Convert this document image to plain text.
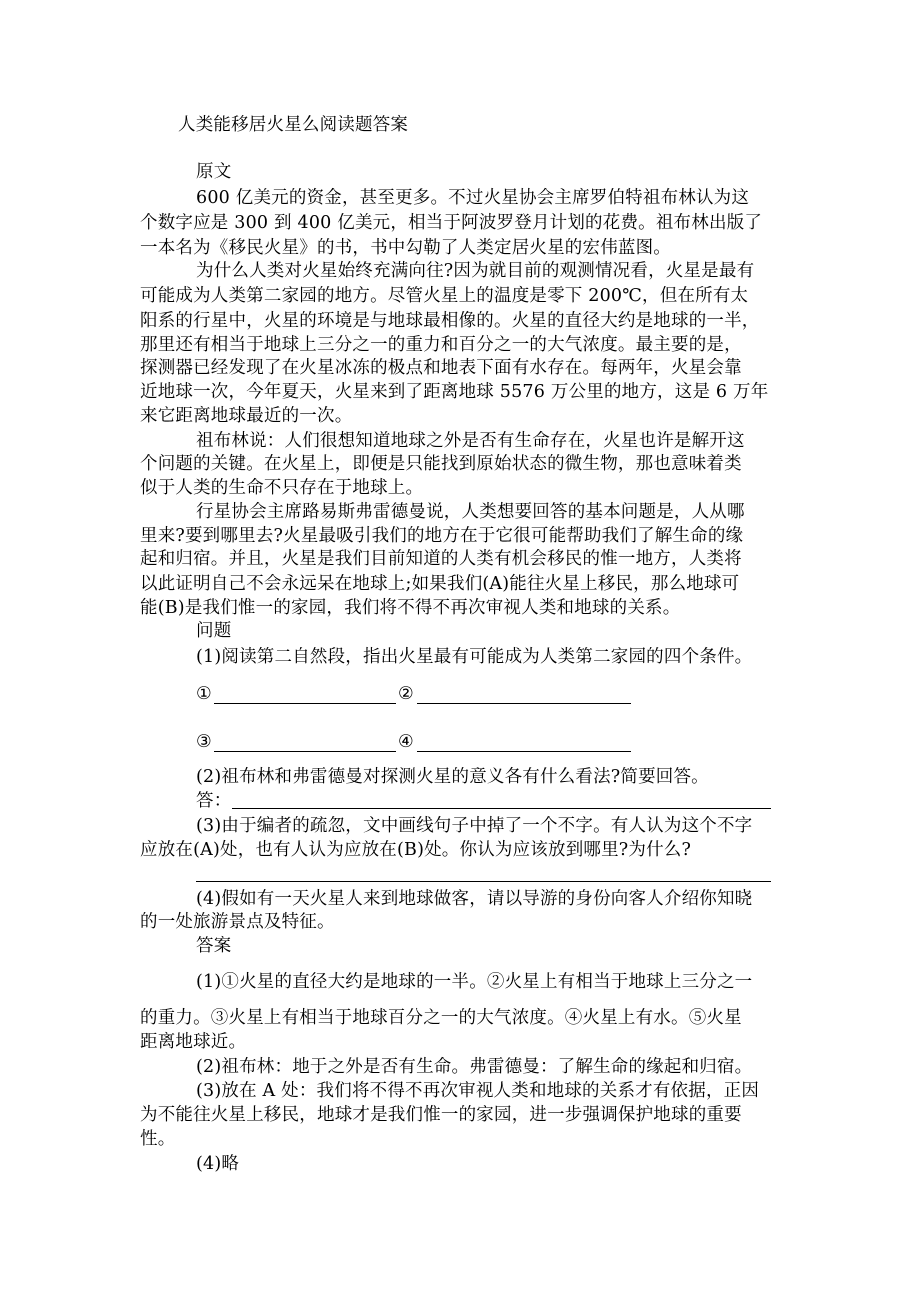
人类能移居火星么阅读题答案
原文
600 亿美元的资金，甚至更多。不过火星协会主席罗伯特祖布林认为这
个数字应是 300 到 400 亿美元，相当于阿波罗登月计划的花费。祖布林出版了
一本名为《移民火星》的书，书中勾勒了人类定居火星的宏伟蓝图。
为什么人类对火星始终充满向往?因为就目前的观测情况看，火星是最有
可能成为人类第二家园的地方。尽管火星上的温度是零下 200℃，但在所有太
阳系的行星中，火星的环境是与地球最相像的。火星的直径大约是地球的一半，
那里还有相当于地球上三分之一的重力和百分之一的大气浓度。最主要的是，
探测器已经发现了在火星冰冻的极点和地表下面有水存在。每两年，火星会靠
近地球一次，今年夏天，火星来到了距离地球 5576 万公里的地方，这是 6 万年
来它距离地球最近的一次。
祖布林说：人们很想知道地球之外是否有生命存在，火星也许是解开这
个问题的关键。在火星上，即便是只能找到原始状态的微生物，那也意味着类
似于人类的生命不只存在于地球上。
行星协会主席路易斯弗雷德曼说，人类想要回答的基本问题是，人从哪
里来?要到哪里去?火星最吸引我们的地方在于它很可能帮助我们了解生命的缘
起和归宿。并且，火星是我们目前知道的人类有机会移民的惟一地方，人类将
以此证明自己不会永远呆在地球上;如果我们(A)能往火星上移民，那么地球可
能(B)是我们惟一的家园，我们将不得不再次审视人类和地球的关系。
问题
(1)阅读第二自然段，指出火星最有可能成为人类第二家园的四个条件。
①	②
③	④
(2)祖布林和弗雷德曼对探测火星的意义各有什么看法?简要回答。
答：
(3)由于编者的疏忽，文中画线句子中掉了一个不字。有人认为这个不字
应放在(A)处，也有人认为应放在(B)处。你认为应该放到哪里?为什么?
(4)假如有一天火星人来到地球做客，请以导游的身份向客人介绍你知晓
的一处旅游景点及特征。
答案
(1)①火星的直径大约是地球的一半。②火星上有相当于地球上三分之一
的重力。③火星上有相当于地球百分之一的大气浓度。④火星上有水。⑤火星
距离地球近。
(2)祖布林：地于之外是否有生命。弗雷德曼：了解生命的缘起和归宿。
(3)放在 A 处：我们将不得不再次审视人类和地球的关系才有依据，正因
为不能往火星上移民，地球才是我们惟一的家园，进一步强调保护地球的重要
性。
(4)略
